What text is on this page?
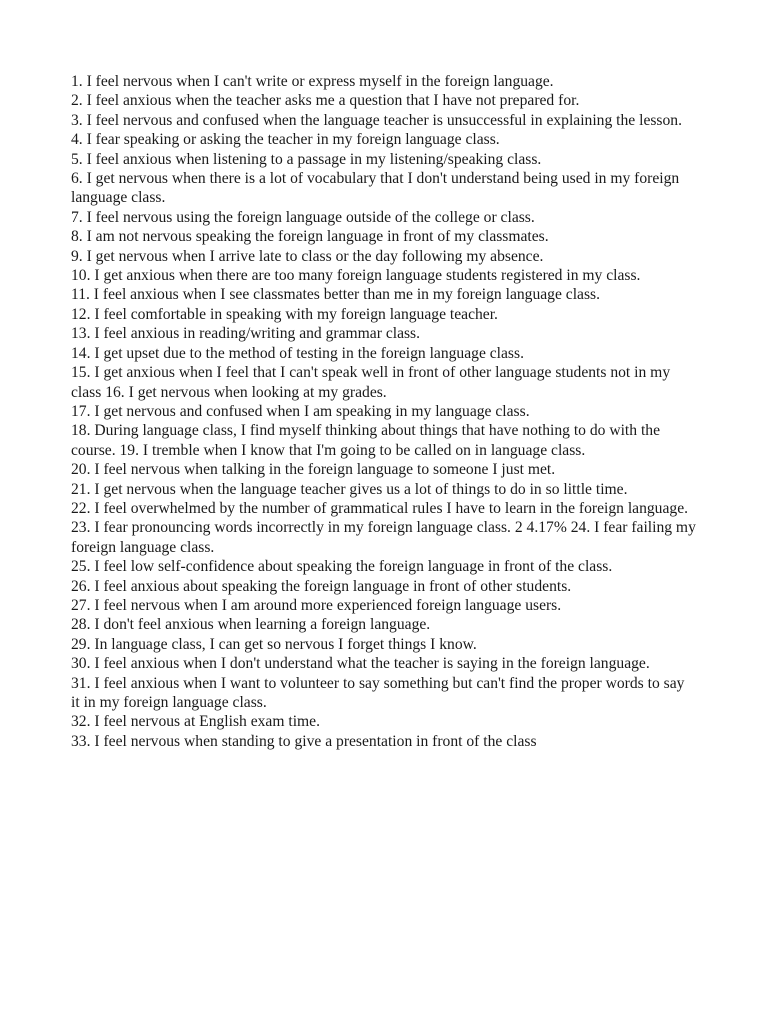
1. I feel nervous when I can't write or express myself in the foreign language.

2. I feel anxious when the teacher asks me a question that I have not prepared for.

3. I feel nervous and confused when the language teacher is unsuccessful in explaining the lesson.

4. I fear speaking or asking the teacher in my foreign language class.

5. I feel anxious when listening to a passage in my listening/speaking class.

6. I get nervous when there is a lot of vocabulary that I don't understand being used in my foreign language class.

7. I feel nervous using the foreign language outside of the college or class.

8. I am not nervous speaking the foreign language in front of my classmates.

9. I get nervous when I arrive late to class or the day following my absence.

10. I get anxious when there are too many foreign language students registered in my class.

11. I feel anxious when I see classmates better than me in my foreign language class.

12. I feel comfortable in speaking with my foreign language teacher.

13. I feel anxious in reading/writing and grammar class.

14. I get upset due to the method of testing in the foreign language class.

15. I get anxious when I feel that I can't speak well in front of other language students not in my class 16. I get nervous when looking at my grades.

17. I get nervous and confused when I am speaking in my language class.

18. During language class, I find myself thinking about things that have nothing to do with the course. 19. I tremble when I know that I'm going to be called on in language class.

20. I feel nervous when talking in the foreign language to someone I just met.

21. I get nervous when the language teacher gives us a lot of things to do in so little time.

22. I feel overwhelmed by the number of grammatical rules I have to learn in the foreign language.

23. I fear pronouncing words incorrectly in my foreign language class. 2 4.17% 24. I fear failing my foreign language class.

25. I feel low self-confidence about speaking the foreign language in front of the class.

26. I feel anxious about speaking the foreign language in front of other students.

27. I feel nervous when I am around more experienced foreign language users.

28. I don't feel anxious when learning a foreign language.

29. In language class, I can get so nervous I forget things I know.

30. I feel anxious when I don't understand what the teacher is saying in the foreign language.

31. I feel anxious when I want to volunteer to say something but can't find the proper words to say it in my foreign language class.

32. I feel nervous at English exam time.

33. I feel nervous when standing to give a presentation in front of the class
